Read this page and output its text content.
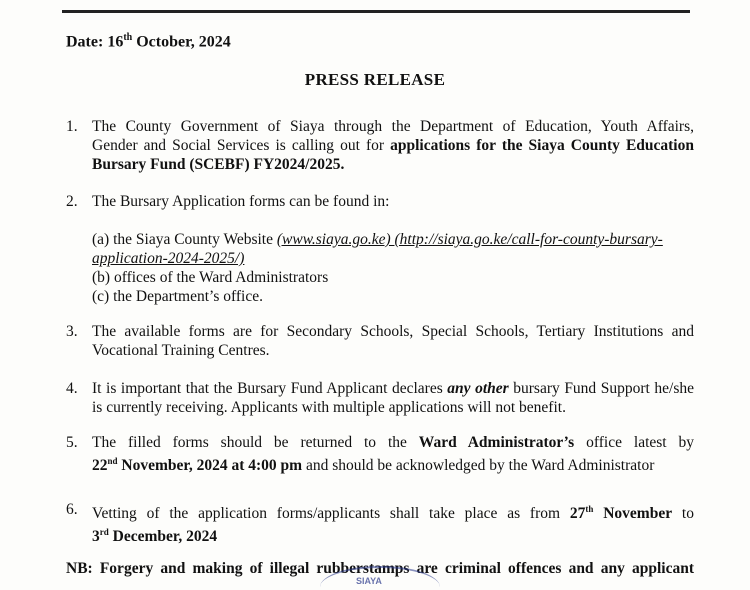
Date: 16th October, 2024
PRESS RELEASE
1. The County Government of Siaya through the Department of Education, Youth Affairs,
Gender and Social Services is calling out for applications for the Siaya County Education
Bursary Fund (SCEBF) FY2024/2025.
2. The Bursary Application forms can be found in:
(a) the Siaya County Website (www.siaya.go.ke) (http://siaya.go.ke/call-for-county-bursary-
application-2024-2025/)
(b) offices of the Ward Administrators
(c) the Department’s office.
3. The available forms are for Secondary Schools, Special Schools, Tertiary Institutions and
Vocational Training Centres.
4. It is important that the Bursary Fund Applicant declares any other bursary Fund Support he/she
is currently receiving. Applicants with multiple applications will not benefit.
5. The filled forms should be returned to the Ward Administrator’s office latest by
22nd November, 2024 at 4:00 pm and should be acknowledged by the Ward Administrator
6. Vetting of the application forms/applicants shall take place as from 27th November to
3rd December, 2024
NB: Forgery and making of illegal rubberstamps are criminal offences and any applicant
SIAYA
